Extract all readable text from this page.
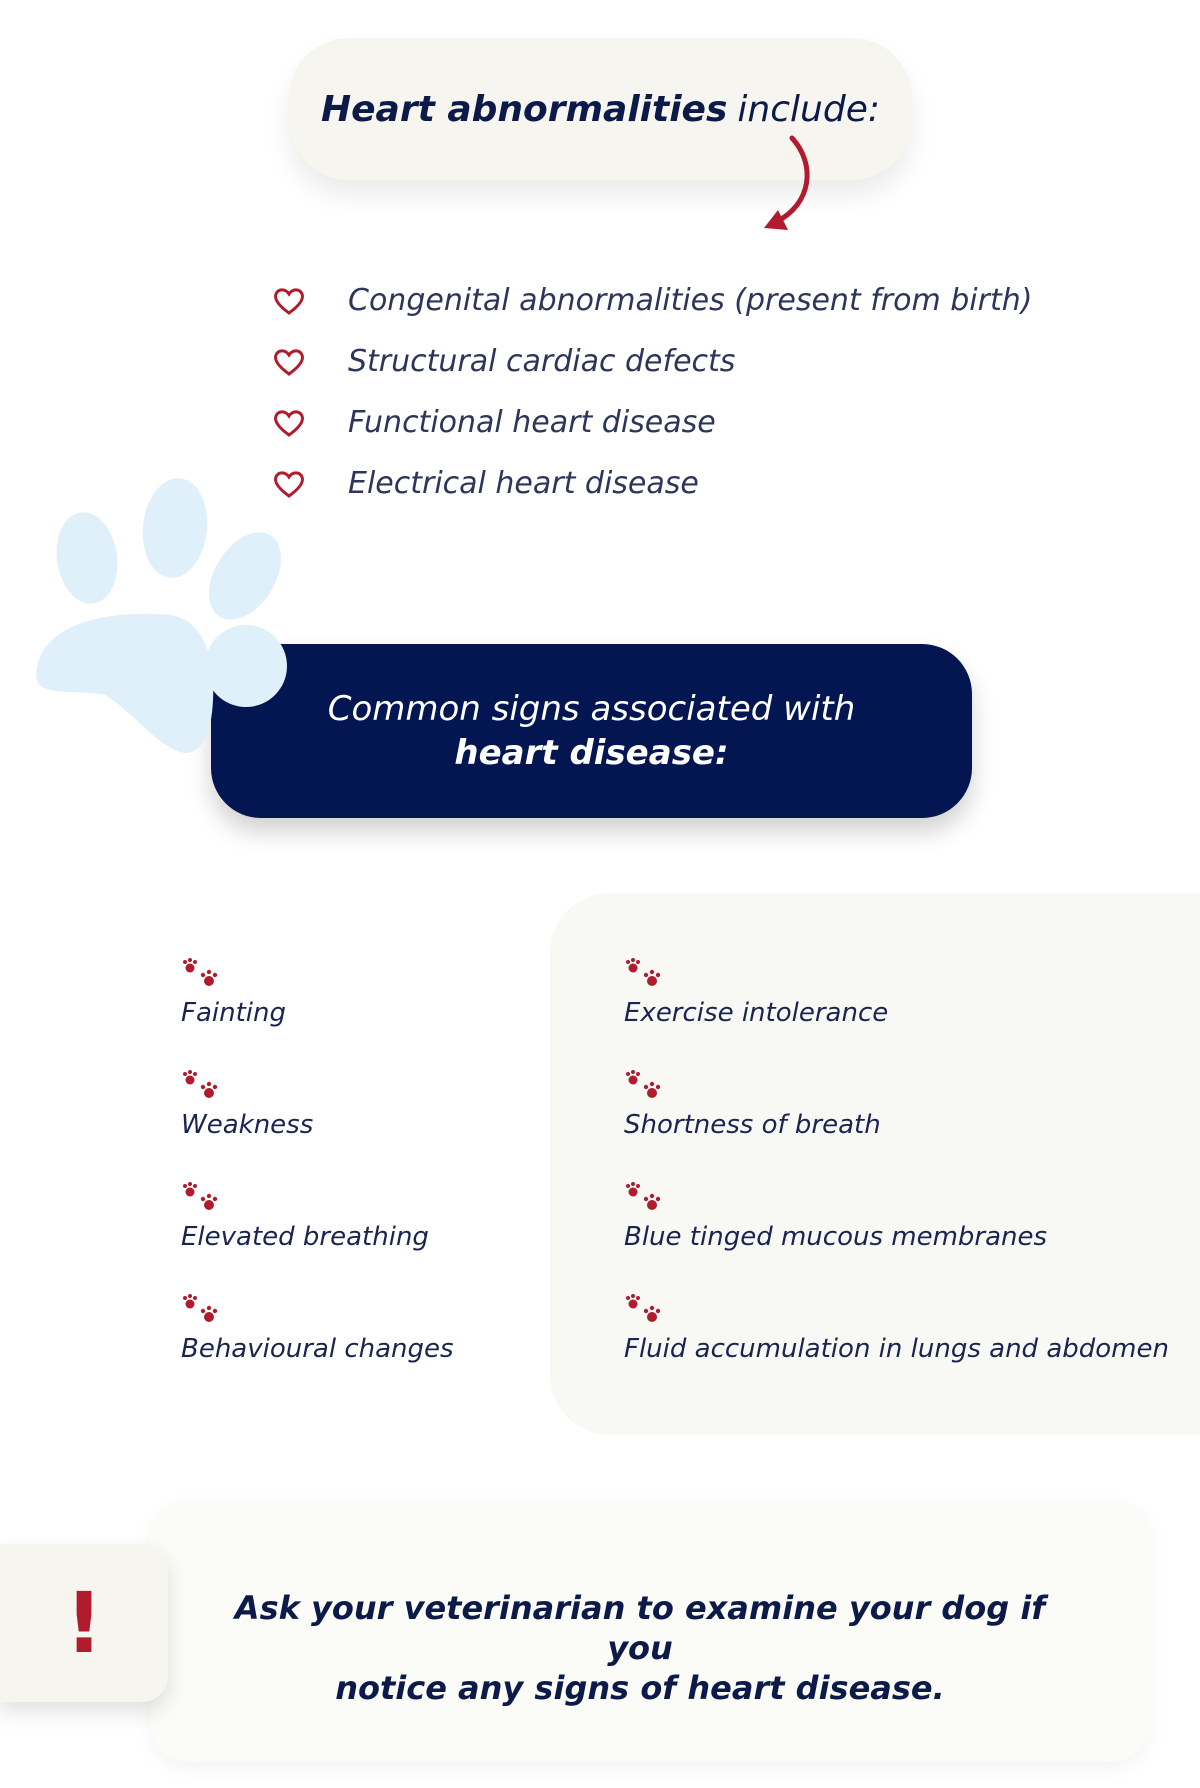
Heart abnormalities include:
Congenital abnormalities (present from birth)
Structural cardiac defects
Functional heart disease
Electrical heart disease
Common signs associated with
heart disease:
Fainting
Weakness
Elevated breathing
Behavioural changes
Exercise intolerance
Shortness of breath
Blue tinged mucous membranes
Fluid accumulation in lungs and abdomen
!	Ask your veterinarian to examine your dog if you
notice any signs of heart disease.
